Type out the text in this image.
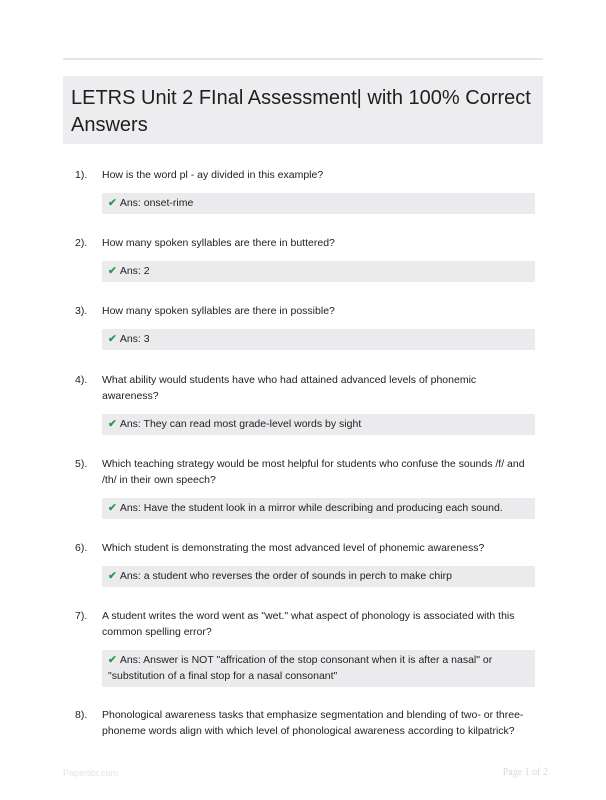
LETRS Unit 2 FInal Assessment| with 100% Correct Answers
1). How is the word pl - ay divided in this example?
✔ Ans: onset-rime
2). How many spoken syllables are there in buttered?
✔ Ans: 2
3). How many spoken syllables are there in possible?
✔ Ans: 3
4). What ability would students have who had attained advanced levels of phonemic awareness?
✔ Ans: They can read most grade-level words by sight
5). Which teaching strategy would be most helpful for students who confuse the sounds /f/ and /th/ in their own speech?
✔ Ans: Have the student look in a mirror while describing and producing each sound.
6). Which student is demonstrating the most advanced level of phonemic awareness?
✔ Ans: a student who reverses the order of sounds in perch to make chirp
7). A student writes the word went as "wet." what aspect of phonology is associated with this common spelling error?
✔ Ans: Answer is NOT "affrication of the stop consonant when it is after a nasal" or "substitution of a final stop for a nasal consonant"
8). Phonological awareness tasks that emphasize segmentation and blending of two- or three-phoneme words align with which level of phonological awareness according to kilpatrick?
Paperlibr.com	Page 1 of 2
